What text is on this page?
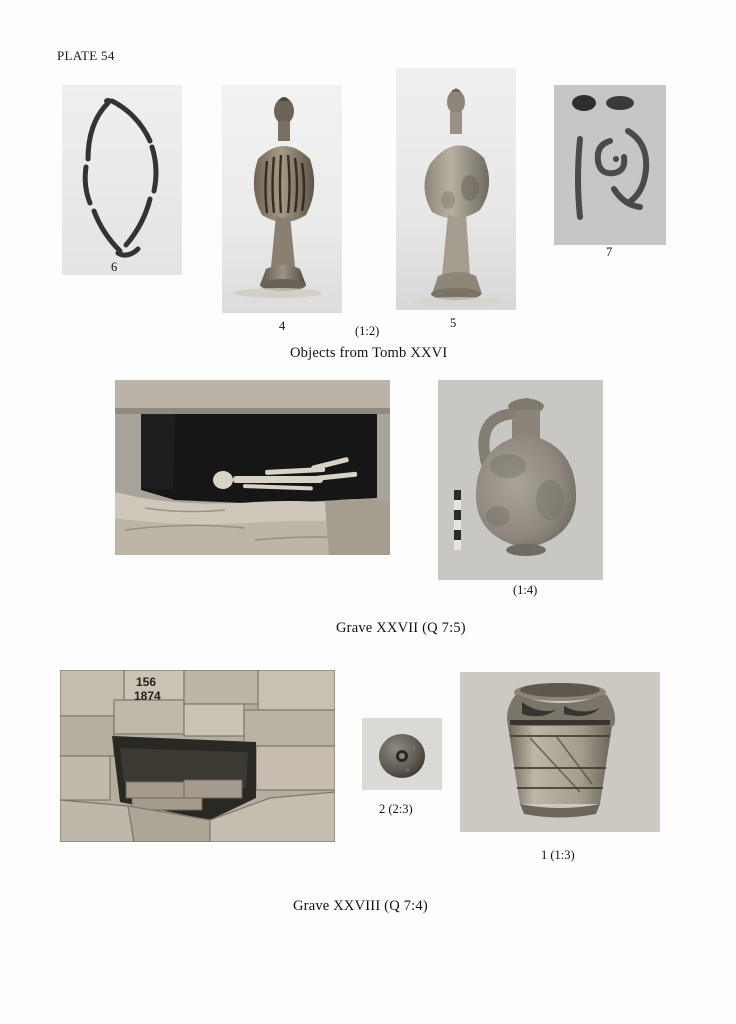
PLATE 54
6
4	5
(1:2)
7
Objects from Tomb XXVI
(1:4)
Grave XXVII (Q 7:5)
156
1874
2 (2:3)
1 (1:3)
Grave XXVIII (Q 7:4)
